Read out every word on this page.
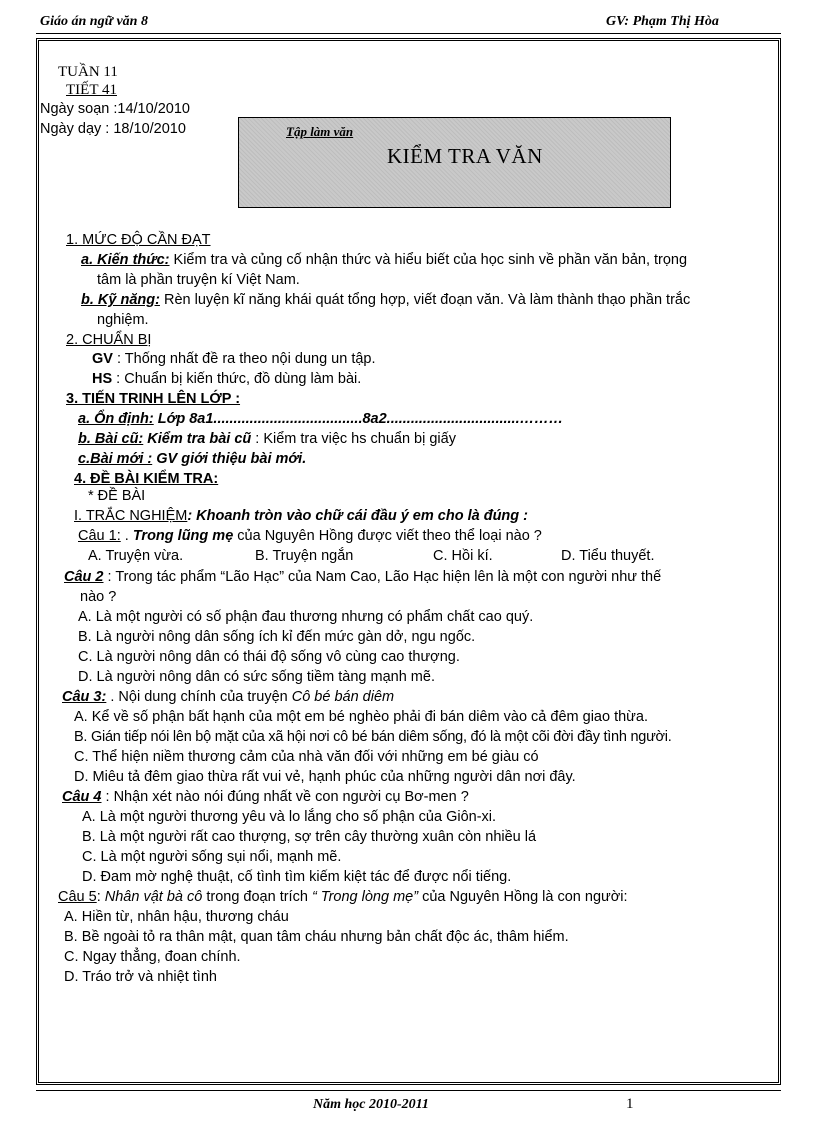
Giáo án ngữ văn 8	GV: Phạm Thị Hòa
TUẦN 11
TIẾT 41
Ngày soạn :14/10/2010
Ngày dạy : 18/10/2010	Tập làm văn
KIỂM TRA VĂN
1. MỨC ĐỘ CẦN ĐẠT
a. Kiến thức: Kiểm tra và củng cố nhận thức và hiểu biết của học sinh về phần văn bản, trọng
tâm là phần truyện kí Việt Nam.
b. Kỹ năng: Rèn luyện kĩ năng khái quát tổng hợp, viết đoạn văn. Và làm thành thạo phần trắc
nghiệm.
2. CHUẨN BỊ
GV : Thống nhất đề ra theo nội dung un tập.
HS : Chuẩn bị kiến thức, đồ dùng làm bài.
3. TIẾN TRINH LÊN LỚP :
a. Ổn định: Lớp 8a1.....................................8a2.................................………
b. Bài cũ: Kiểm tra bài cũ : Kiểm tra việc hs chuẩn bị giấy
c.Bài mới : GV giới thiệu bài mới.
4. ĐỀ BÀI KIỂM TRA:
* ĐỀ BÀI
I. TRẮC NGHIỆM: Khoanh tròn vào chữ cái đầu ý em cho là đúng :
Câu 1: . Trong lũng mẹ của Nguyên Hồng được viết theo thể loại nào ?
A. Truyện vừa.	B. Truyện ngắn	C. Hồi kí.	D. Tiểu thuyết.
Câu 2 : Trong tác phẩm “Lão Hạc” của Nam Cao, Lão Hạc hiện lên là một con người như thế
nào ?
A. Là một người có số phận đau thương nhưng có phẩm chất cao quý.
B. Là người nông dân sống ích kỉ đến mức gàn dở, ngu ngốc.
C. Là người nông dân có thái độ sống vô cùng cao thượng.
D. Là người nông dân có sức sống tiềm tàng mạnh mẽ.
Câu 3: . Nội dung chính của truyện Cô bé bán diêm
A. Kể về số phận bất hạnh của một em bé nghèo phải đi bán diêm vào cả đêm giao thừa.
B. Gián tiếp nói lên bộ mặt của xã hội nơi cô bé bán diêm sống, đó là một cõi đời đầy tình người.
C. Thể hiện niềm thương cảm của nhà văn đối với những em bé giàu có
D. Miêu tả đêm giao thừa rất vui vẻ, hạnh phúc của những người dân nơi đây.
Câu 4 : Nhận xét nào nói đúng nhất về con người cụ Bơ-men ?
A. Là một người thương yêu và lo lắng cho số phận của Giôn-xi.
B. Là một người rất cao thượng, sợ trên cây thường xuân còn nhiều lá
C. Là một người sống sụi nổi, mạnh mẽ.
D. Đam mờ nghệ thuật, cố tình tìm kiếm kiệt tác để được nổi tiếng.
Câu 5: Nhân vật bà cô trong đoạn trích “ Trong lòng mẹ” của Nguyên Hồng là con người:
A. Hiền từ, nhân hậu, thương cháu
B. Bề ngoài tỏ ra thân mật, quan tâm cháu nhưng bản chất độc ác, thâm hiểm.
C. Ngay thẳng, đoan chính.
D. Tráo trở và nhiệt tình
Năm học 2010-2011	1
